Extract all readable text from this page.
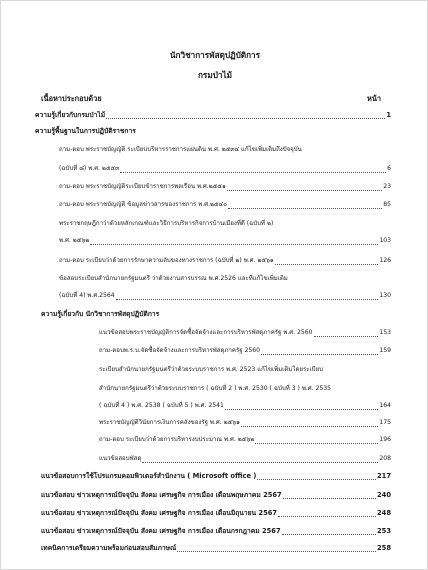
นักวิชาการพัสดุปฏิบัติการ
กรมป่าไม้
เนื้อหาประกอบด้วย	หน้า
ความรู้เกี่ยวกับกรมป่าไม้	1
ความรู้พื้นฐานในการปฏิบัติราชการ
ถาม-ตอบ พระราชบัญญัติ ระเบียบบริหารราชการแผ่นดิน พ.ศ. ๒๕๓๔ แก้ไขเพิ่มเติมถึงปัจจุบัน
(ฉบับที่ ๘) พ.ศ. ๒๕๕๓	6
ถาม-ตอบ พระราชบัญญัติระเบียบข้าราชการพลเรือน พ.ศ.๒๕๕๑	23
ถาม-ตอบ พระราชบัญญัติ ข้อมูลข่าวสารของราชการ พ.ศ.๒๕๔๐	85
พระราชกฤษฎีกาว่าด้วยหลักเกณฑ์และวิธีการบริหารกิจการบ้านเมืองที่ดี (ฉบับที่ ๒)
พ.ศ. ๒๕๖๒	103
ถาม-ตอบ ระเบียบว่าด้วยการรักษาความลับของทางราชการ (ฉบับที่ ๒) พ.ศ. ๒๕๖๑	126
ข้อสอบระเบียบสำนักนายกรัฐมนตรี ว่าด้วยงานสารบรรณ พ.ศ.2526 และที่แก้ไขเพิ่มเติม
(ฉบับที่ 4) พ.ศ.2564	130
ความรู้เกี่ยวกับ นักวิชาการพัสดุปฏิบัติการ
แนวข้อสอบพระราชบัญญัติการจัดซื้อจัดจ้างและการบริหารพัสดุภาครัฐ พ.ศ. 2560	153
ถาม-ตอบพ.ร.บ.จัดซื้อจัดจ้างและการบริหารพัสดุภาครัฐ 2560	159
ระเบียบสำนักนายกรัฐมนตรีว่าด้วยระบบราชการ พ.ศ. 2523 แก้ไขเพิ่มเติมโดยระเบียบ
สำนักนายกรัฐมนตรีว่าด้วยระบบราชการ ( ฉบับที่ 2 ) พ.ศ. 2530 ( ฉบับที่ 3 ) พ.ศ. 2535
( ฉบับที่ 4 ) พ.ศ. 2538 ( ฉบับที่ 5 ) พ.ศ. 2541	164
พระราชบัญญัติวินัยการเงินการคลังของรัฐ พ.ศ. ๒๕๖๑	175
ถาม-ตอบ ระเบียบว่าด้วยการบริหารงบประมาณ พ.ศ. ๒๕๖๒	196
แนวข้อสอบพัสดุ	208
แนวข้อสอบการใช้โปรแกรมคอมพิวเตอร์สำนักงาน ( Microsoft office )	217
แนวข้อสอบ ข่าวเหตุการณ์ปัจจุบัน สังคม เศรษฐกิจ การเมือง เดือนพฤษภาคม 2567	240
แนวข้อสอบ ข่าวเหตุการณ์ปัจจุบัน สังคม เศรษฐกิจ การเมือง เดือนมิถุนายน 2567	248
แนวข้อสอบ ข่าวเหตุการณ์ปัจจุบัน สังคม เศรษฐกิจ การเมือง เดือนกรกฎาคม 2567	253
เทคนิคการเตรียมความพร้อมก่อนสอบสัมภาษณ์	258
